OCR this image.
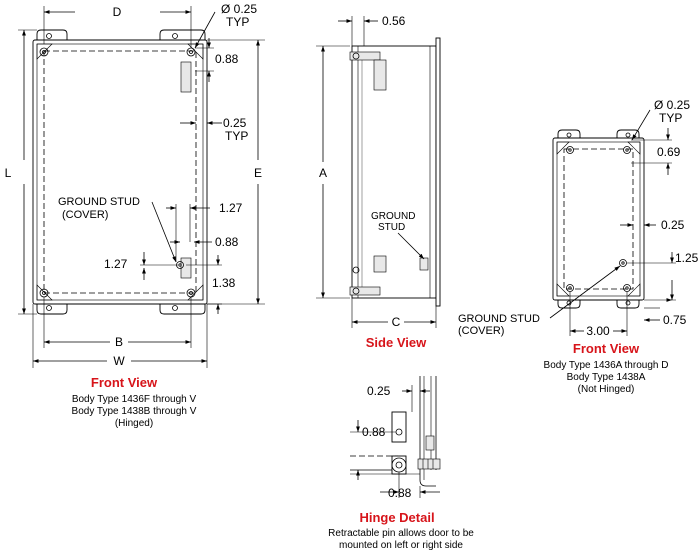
D	Ø 0.25
TYP
0.88
0.25
TYP
L	E
GROUND STUD
(COVER)	1.27
0.88
1.27
1.38
B
W
Front View
Body Type 1436F through V
Body Type 1438B through V
(Hinged)
0.56
A
C
GROUND
STUD
Side View
Ø 0.25
TYP
0.69
0.25
1.25
0.75
3.00
GROUND STUD
(COVER)
Front View
Body Type 1436A through D
Body Type 1438A
(Not Hinged)
0.25
0.88
0.88
Hinge Detail
Retractable pin allows door to be
mounted on left or right side
